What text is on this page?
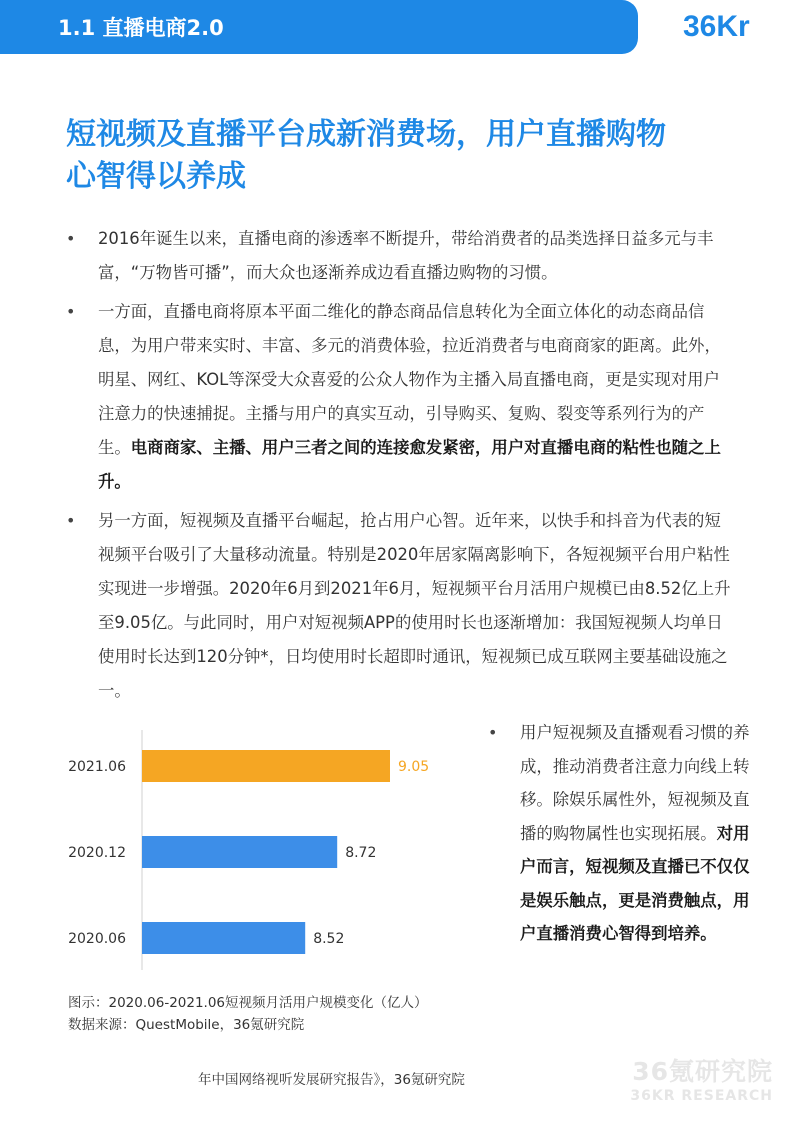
1.1 直播电商2.0	36Kr
短视频及直播平台成新消费场，用户直播购物
心智得以养成
• 2016年诞生以来，直播电商的渗透率不断提升，带给消费者的品类选择日益多元与丰富，“万物皆可播”，而大众也逐渐养成边看直播边购物的习惯。
• 一方面，直播电商将原本平面二维化的静态商品信息转化为全面立体化的动态商品信息，为用户带来实时、丰富、多元的消费体验，拉近消费者与电商商家的距离。此外，明星、网红、KOL等深受大众喜爱的公众人物作为主播入局直播电商，更是实现对用户注意力的快速捕捉。主播与用户的真实互动，引导购买、复购、裂变等系列行为的产生。电商商家、主播、用户三者之间的连接愈发紧密，用户对直播电商的粘性也随之上升。
• 另一方面，短视频及直播平台崛起，抢占用户心智。近年来，以快手和抖音为代表的短视频平台吸引了大量移动流量。特别是2020年居家隔离影响下，各短视频平台用户粘性实现进一步增强。2020年6月到2021年6月，短视频平台月活用户规模已由8.52亿上升至9.05亿。与此同时，用户对短视频APP的使用时长也逐渐增加：我国短视频人均单日使用时长达到120分钟*，日均使用时长超即时通讯，短视频已成互联网主要基础设施之一。
2021.06	9.05
2020.12	8.72
2020.06	8.52
• 用户短视频及直播观看习惯的养成，推动消费者注意力向线上转移。除娱乐属性外，短视频及直播的购物属性也实现拓展。对用户而言，短视频及直播已不仅仅是娱乐触点，更是消费触点，用户直播消费心智得到培养。
图示：2020.06-2021.06短视频月活用户规模变化（亿人）
数据来源：QuestMobile，36氪研究院
年中国网络视听发展研究报告》，36氪研究院	36氪研究院
36KR RESEARCH
